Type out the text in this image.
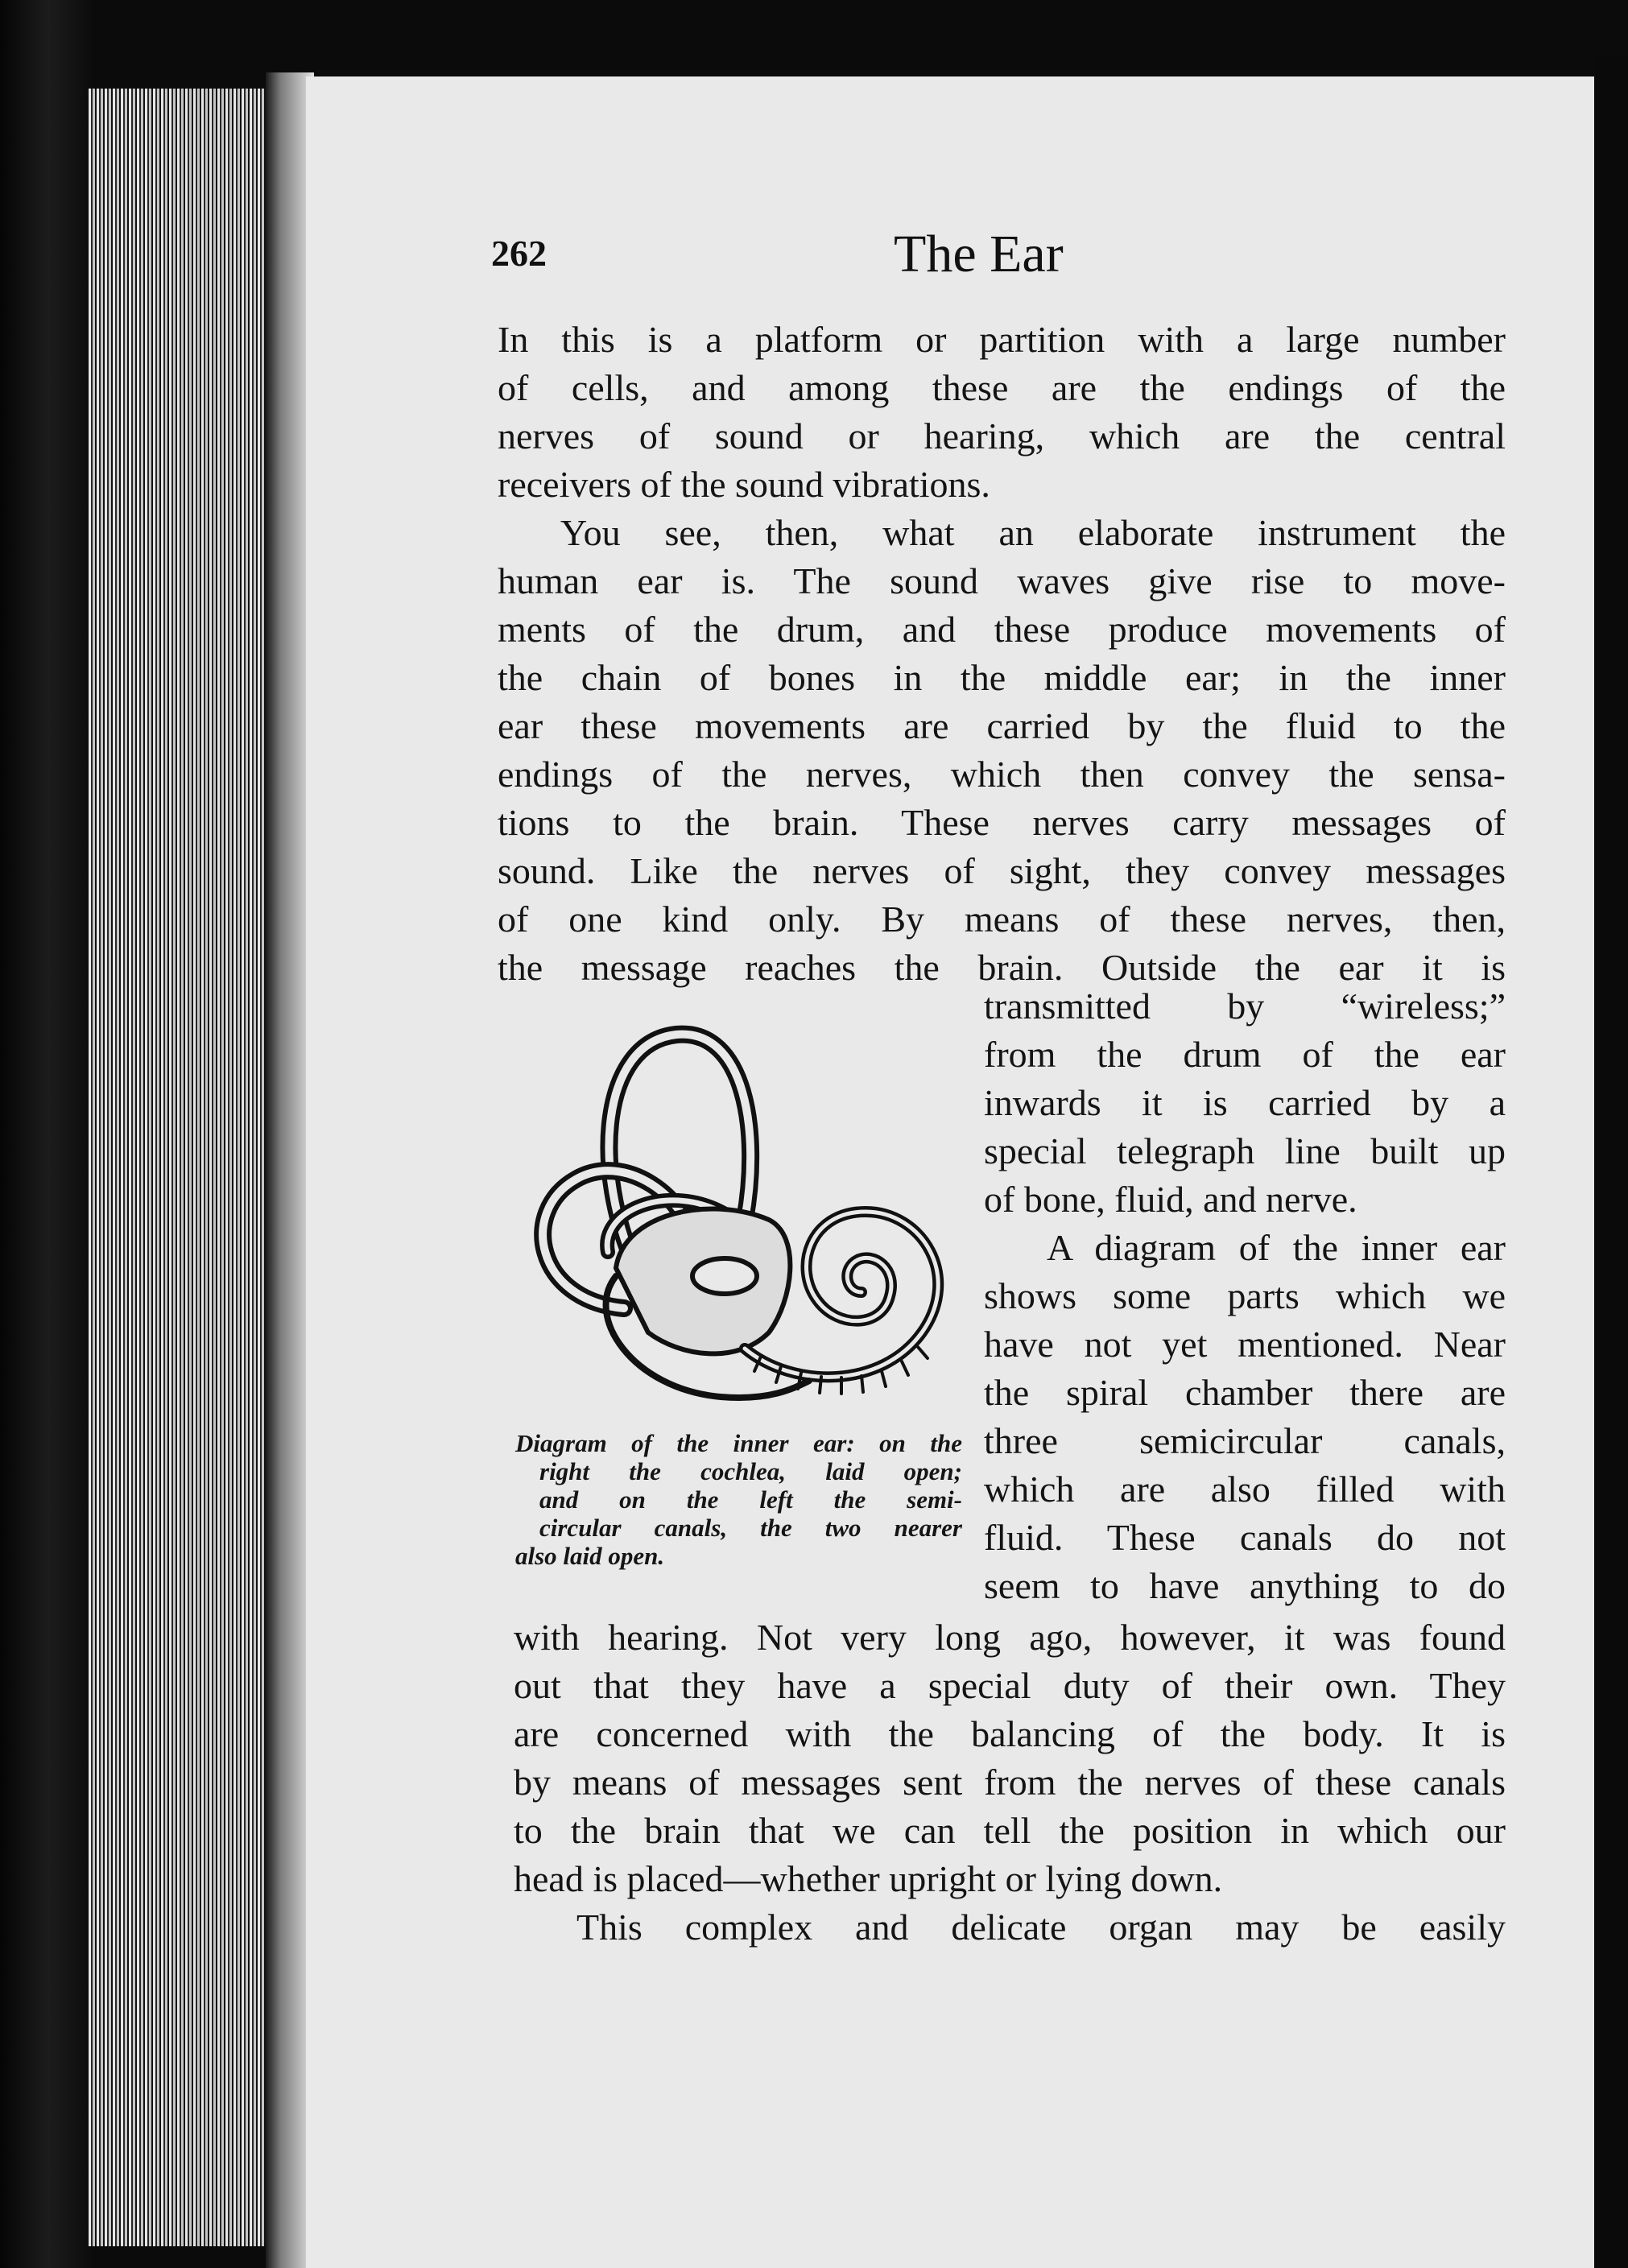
262	The Ear
In this is a platform or partition with a large number
of cells, and among these are the endings of the
nerves of sound or hearing, which are the central
receivers of the sound vibrations.
You see, then, what an elaborate instrument the
human ear is. The sound waves give rise to move-
ments of the drum, and these produce movements of
the chain of bones in the middle ear; in the inner
ear these movements are carried by the fluid to the
endings of the nerves, which then convey the sensa-
tions to the brain. These nerves carry messages of
sound. Like the nerves of sight, they convey messages
of one kind only. By means of these nerves, then,
the message reaches the brain. Outside the ear it is
Diagram of the inner ear: on the
right the cochlea, laid open;
and on the left the semi-
circular canals, the two nearer
also laid open.
transmitted by “wireless;”
from the drum of the ear
inwards it is carried by a
special telegraph line built up
of bone, fluid, and nerve.
A diagram of the inner ear
shows some parts which we
have not yet mentioned. Near
the spiral chamber there are
three semicircular canals,
which are also filled with
fluid. These canals do not
seem to have anything to do
with hearing. Not very long ago, however, it was found
out that they have a special duty of their own. They
are concerned with the balancing of the body. It is
by means of messages sent from the nerves of these canals
to the brain that we can tell the position in which our
head is placed—whether upright or lying down.
This complex and delicate organ may be easily
